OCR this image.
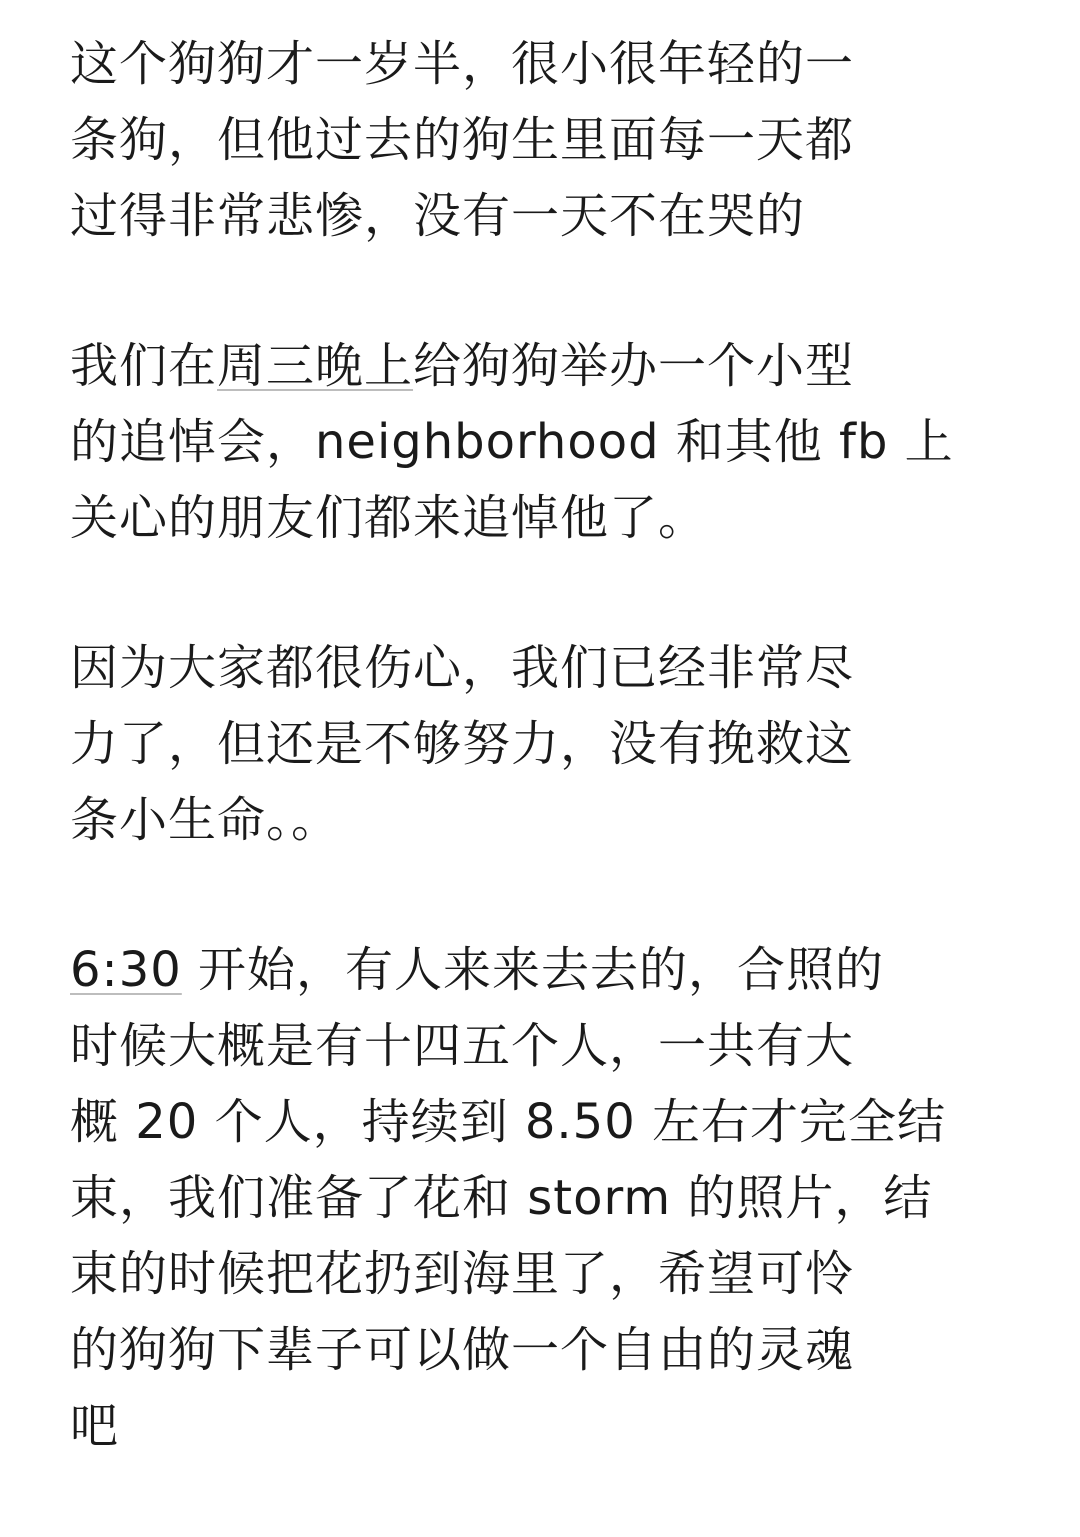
这个狗狗才一岁半，很小很年轻的一
条狗，但他过去的狗生里面每一天都
过得非常悲惨，没有一天不在哭的
我们在周三晚上给狗狗举办一个小型
的追悼会，neighborhood 和其他 fb 上
关心的朋友们都来追悼他了。
因为大家都很伤心，我们已经非常尽
力了，但还是不够努力，没有挽救这
条小生命。。
6:30 开始，有人来来去去的，合照的
时候大概是有十四五个人，一共有大
概 20 个人，持续到 8.50 左右才完全结
束，我们准备了花和 storm 的照片，结
束的时候把花扔到海里了，希望可怜
的狗狗下辈子可以做一个自由的灵魂
吧
